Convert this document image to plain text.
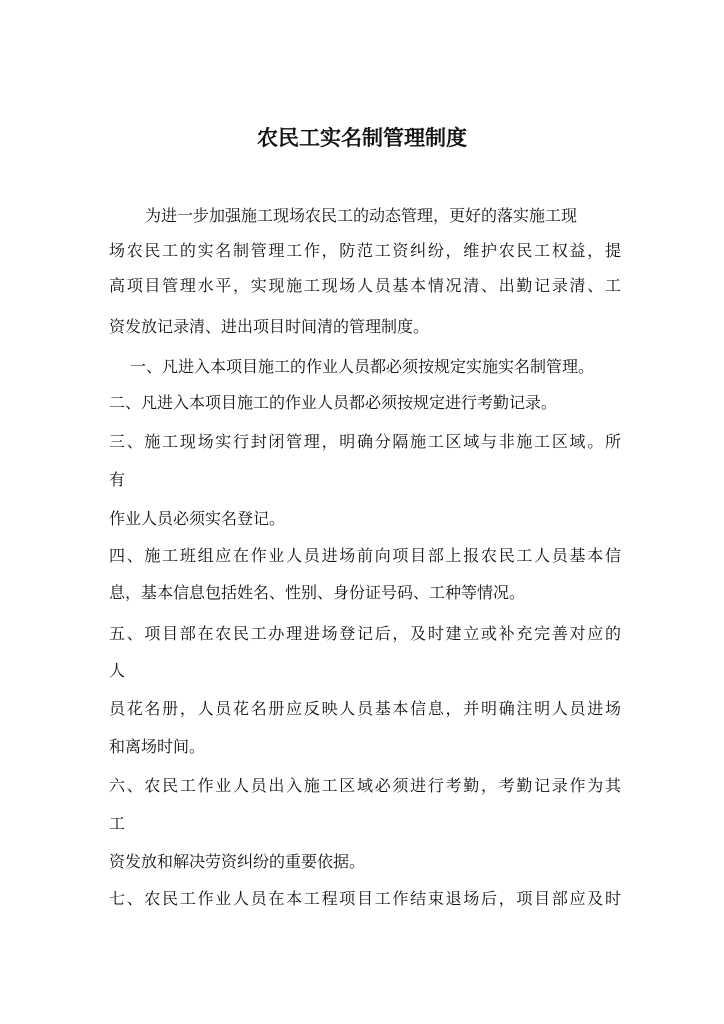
农民工实名制管理制度
为进一步加强施工现场农民工的动态管理，更好的落实施工现
场农民工的实名制管理工作，防范工资纠纷，维护农民工权益，提
高项目管理水平，实现施工现场人员基本情况清、出勤记录清、工
资发放记录清、进出项目时间清的管理制度。
一、凡进入本项目施工的作业人员都必须按规定实施实名制管理。
二、凡进入本项目施工的作业人员都必须按规定进行考勤记录。
三、施工现场实行封闭管理，明确分隔施工区域与非施工区域。所
有
作业人员必须实名登记。
四、施工班组应在作业人员进场前向项目部上报农民工人员基本信
息，基本信息包括姓名、性别、身份证号码、工种等情况。
五、项目部在农民工办理进场登记后，及时建立或补充完善对应的
人
员花名册，人员花名册应反映人员基本信息，并明确注明人员进场
和离场时间。
六、农民工作业人员出入施工区域必须进行考勤，考勤记录作为其
工
资发放和解决劳资纠纷的重要依据。
七、农民工作业人员在本工程项目工作结束退场后，项目部应及时
